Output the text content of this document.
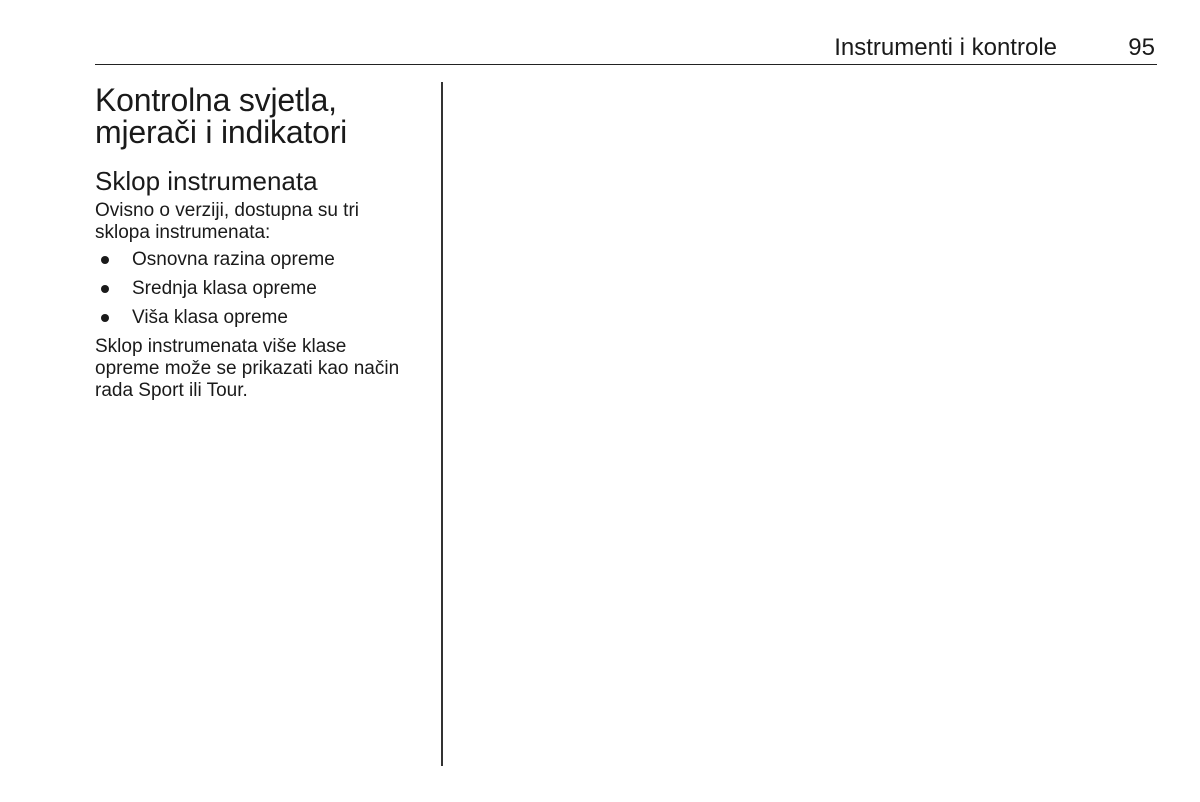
Instrumenti i kontrole	95
Kontrolna svjetla,
mjerači i indikatori
Sklop instrumenata

Ovisno o verziji, dostupna su tri
sklopa instrumenata:

Osnovna razina opreme
Srednja klasa opreme
Viša klasa opreme

Sklop instrumenata više klase
opreme može se prikazati kao način
rada Sport ili Tour.
